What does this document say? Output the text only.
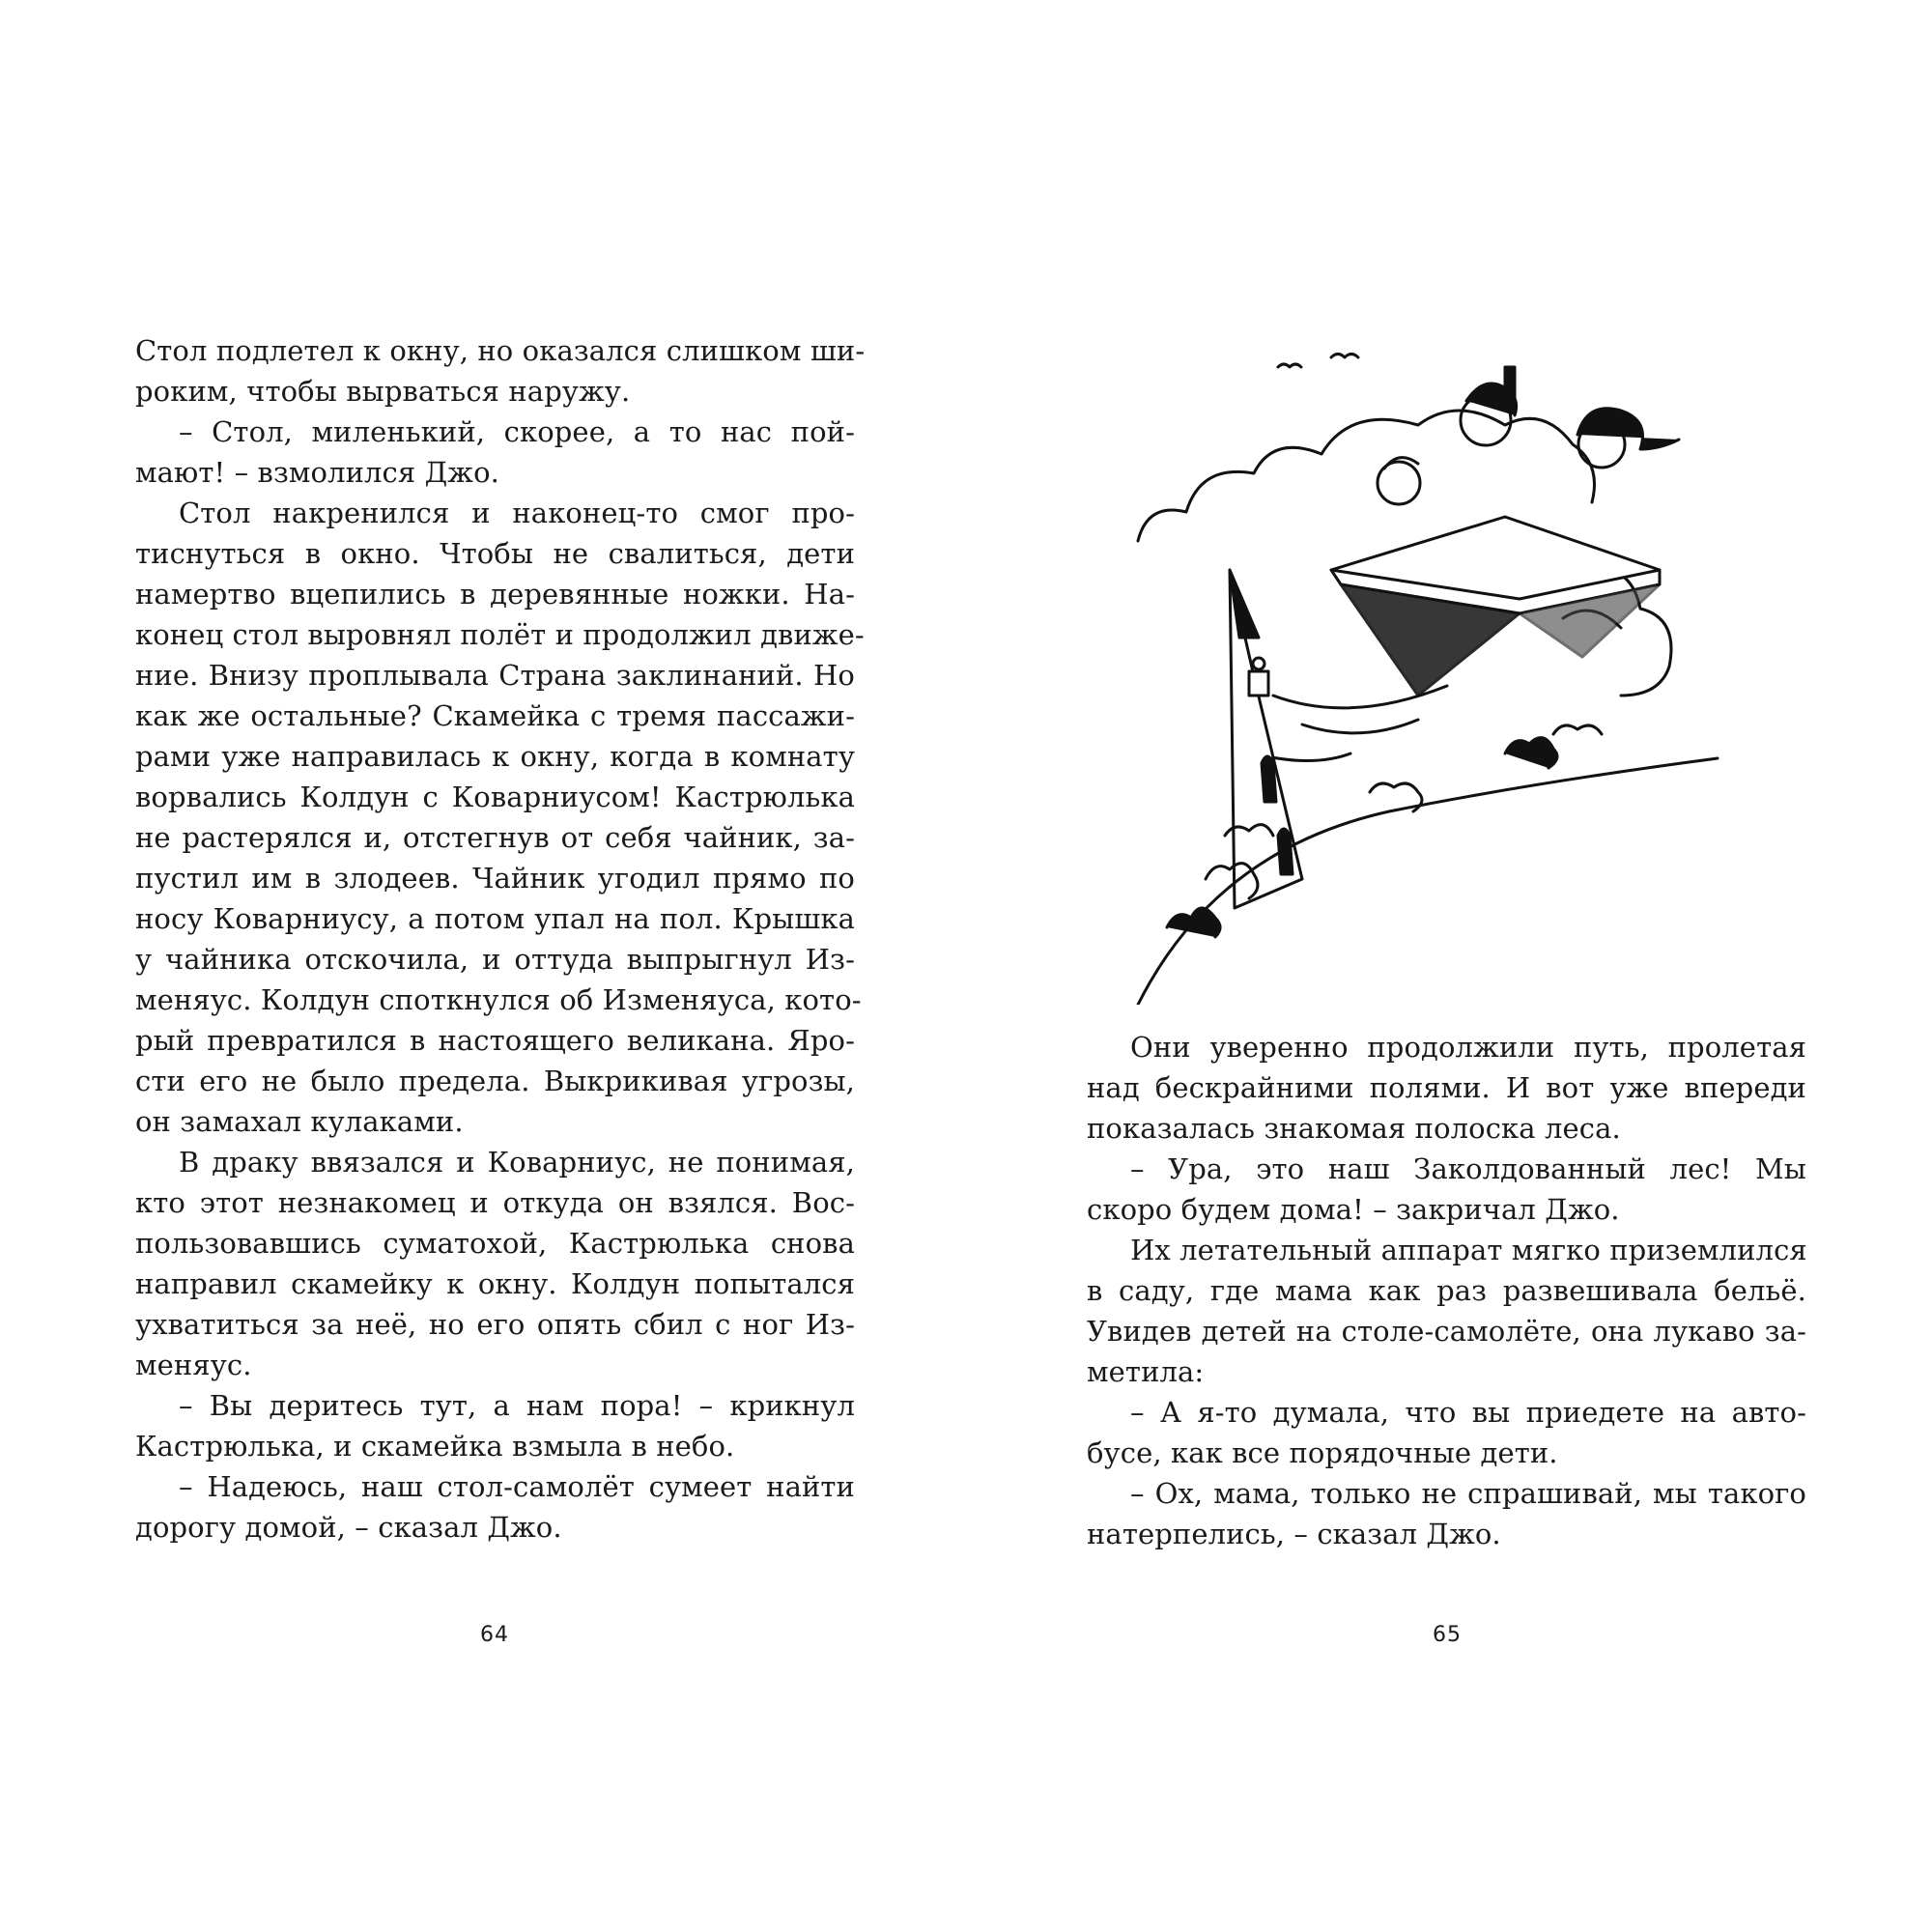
Стол подлетел к окну, но оказался слишком ши-
роким, чтобы вырваться наружу.
– Стол, миленький, скорее, а то нас пой-
мают! – взмолился Джо.
Стол накренился и наконец-то смог про-
тиснуться в окно. Чтобы не свалиться, дети
намертво вцепились в деревянные ножки. На-
конец стол выровнял полёт и продолжил движе-
ние. Внизу проплывала Страна заклинаний. Но
как же остальные? Скамейка с тремя пассажи-
рами уже направилась к окну, когда в комнату
ворвались Колдун с Коварниусом! Кастрюлька
не растерялся и, отстегнув от себя чайник, за-
пустил им в злодеев. Чайник угодил прямо по
носу Коварниусу, а потом упал на пол. Крышка
у чайника отскочила, и оттуда выпрыгнул Из-
меняус. Колдун споткнулся об Изменяуса, кото-
рый превратился в настоящего великана. Яро-
сти его не было предела. Выкрикивая угрозы,
он замахал кулаками.
В драку ввязался и Коварниус, не понимая,
кто этот незнакомец и откуда он взялся. Вос-
пользовавшись суматохой, Кастрюлька снова
направил скамейку к окну. Колдун попытался
ухватиться за неё, но его опять сбил с ног Из-
меняус.
– Вы деритесь тут, а нам пора! – крикнул
Кастрюлька, и скамейка взмыла в небо.
– Надеюсь, наш стол-самолёт сумеет найти
дорогу домой, – сказал Джо.
64
Они уверенно продолжили путь, пролетая
над бескрайними полями. И вот уже впереди
показалась знакомая полоска леса.
– Ура, это наш Заколдованный лес! Мы
скоро будем дома! – закричал Джо.
Их летательный аппарат мягко приземлился
в саду, где мама как раз развешивала бельё.
Увидев детей на столе-самолёте, она лукаво за-
метила:
– А я-то думала, что вы приедете на авто-
бусе, как все порядочные дети.
– Ох, мама, только не спрашивай, мы такого
натерпелись, – сказал Джо.
65
